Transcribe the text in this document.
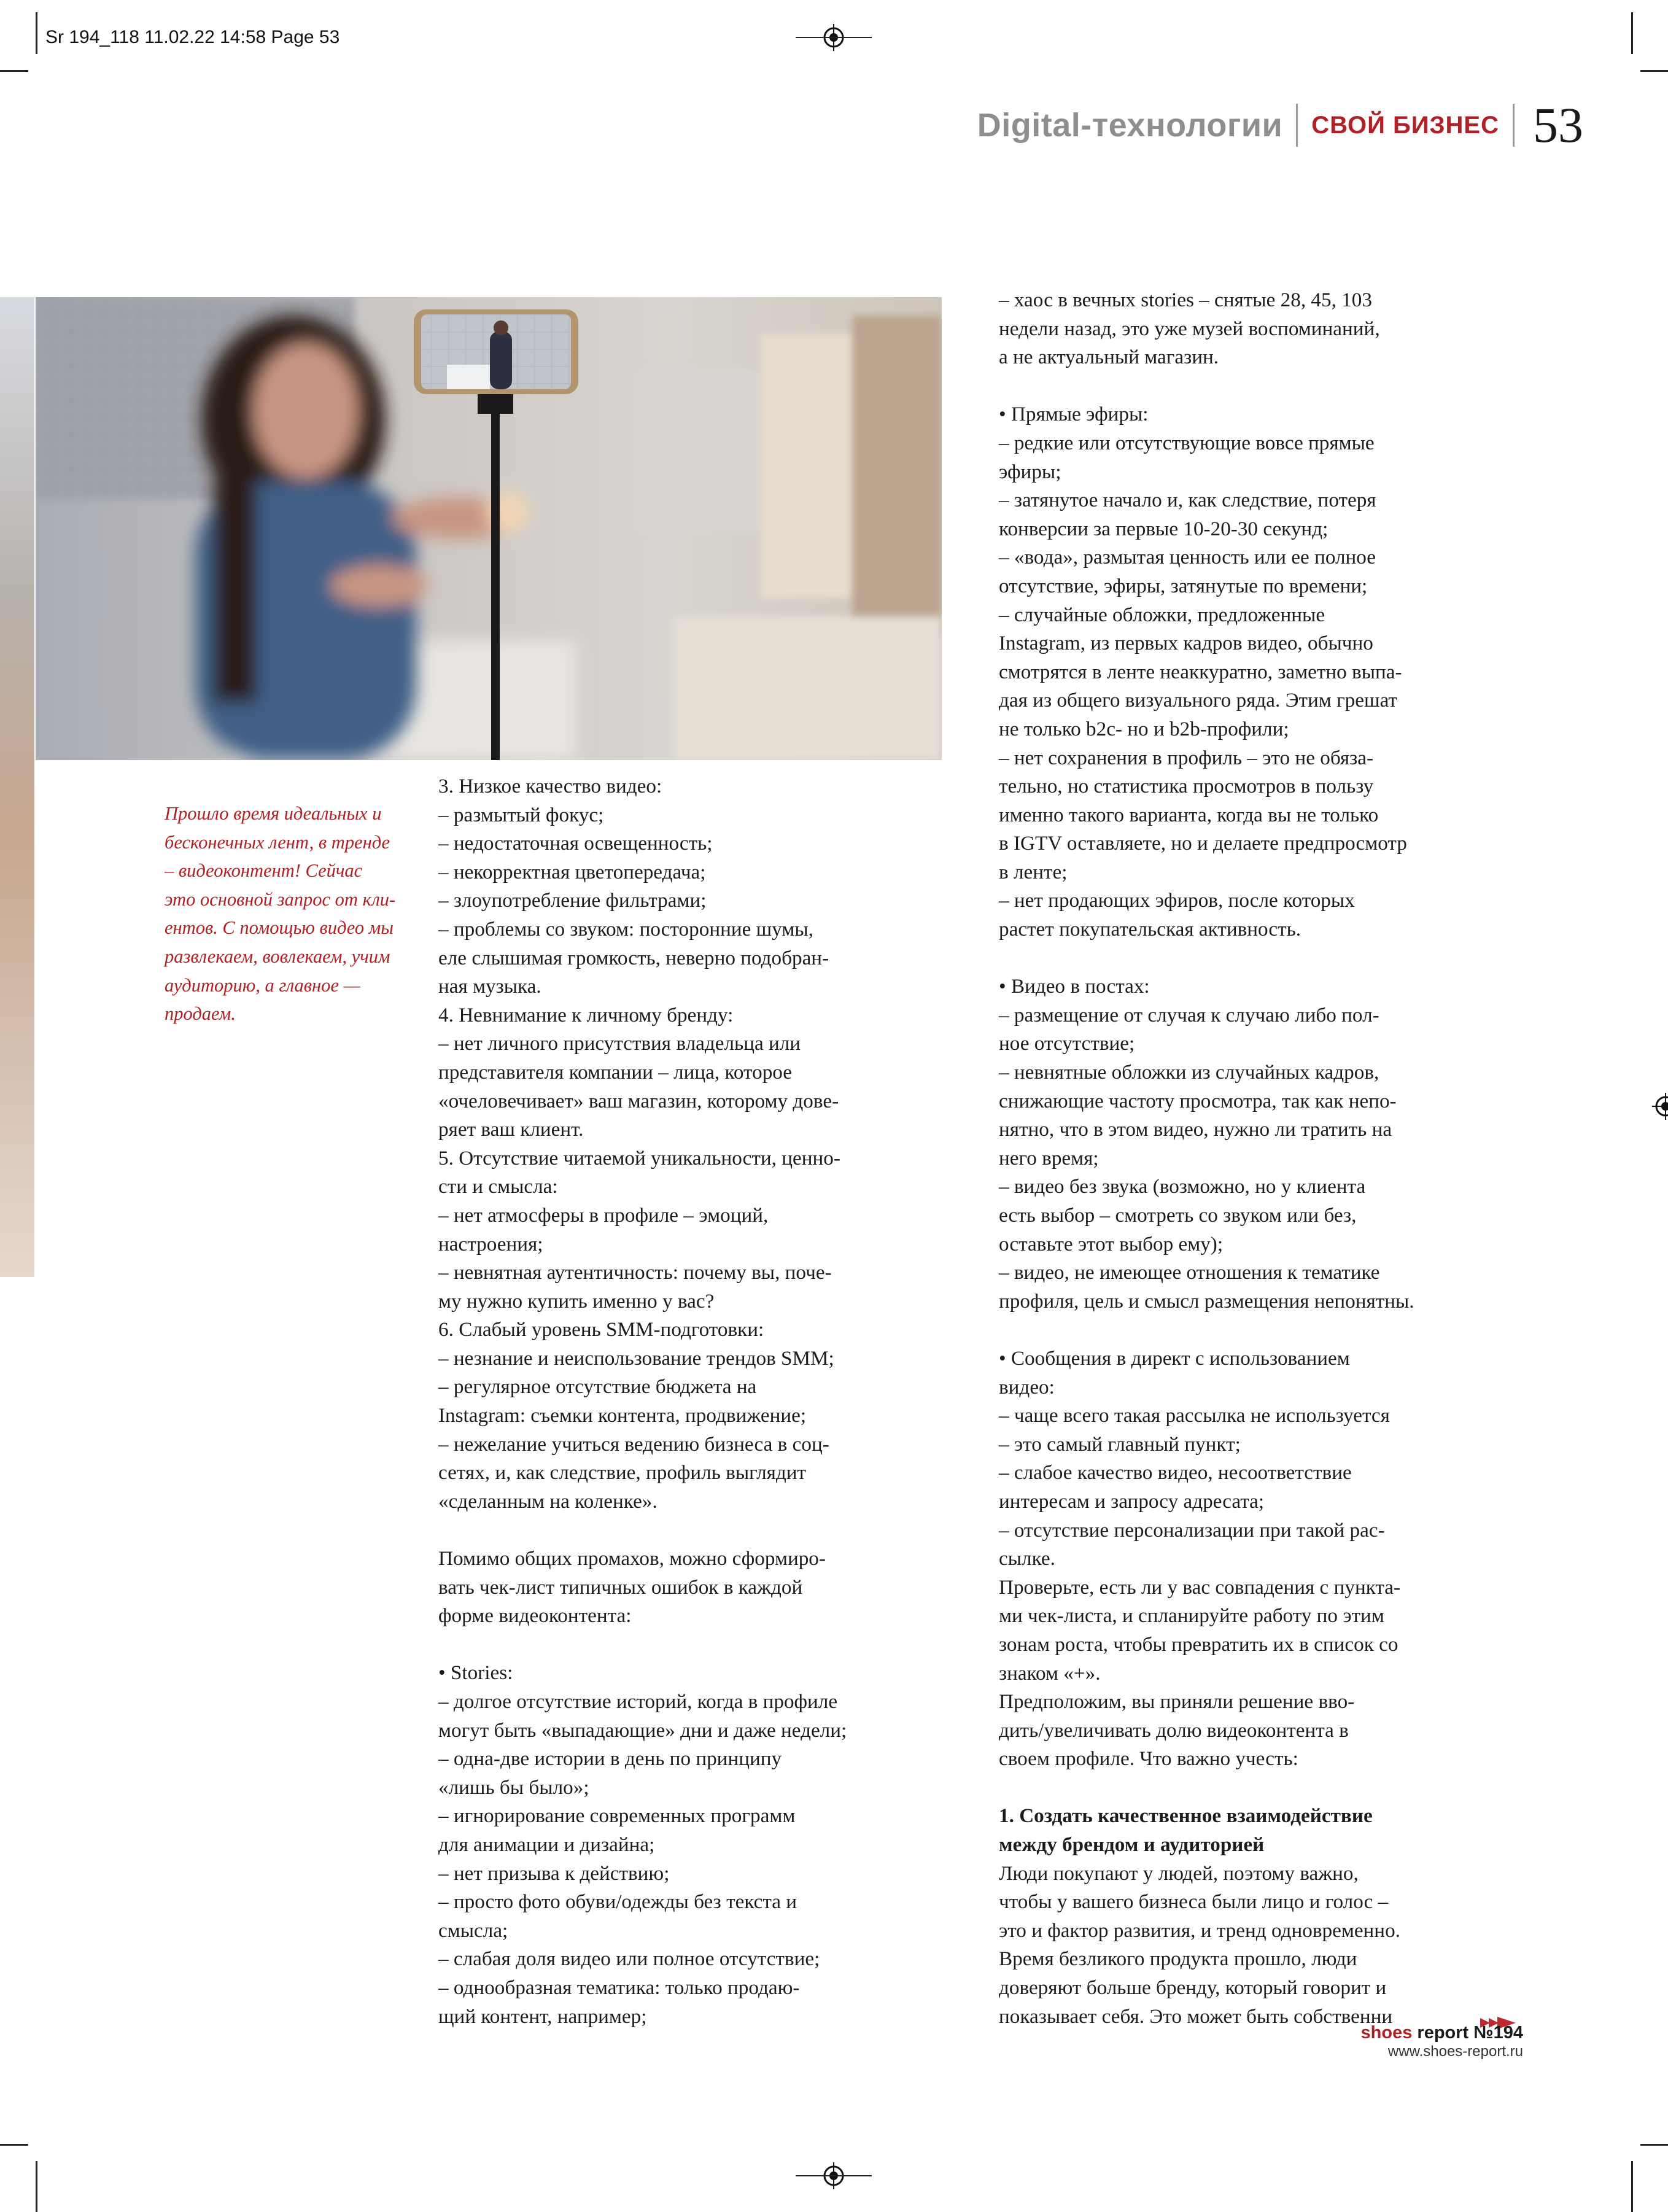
Sr 194_118 11.02.22 14:58 Page 53
Digital-технологии СВОЙ БИЗНЕС 53

Прошло время идеальных и

бесконечных лент, в тренде

– видеоконтент! Сейчас

это основной запрос от кли-

ентов. С помощью видео мы

развлекаем, вовлекаем, учим

аудиторию, а главное —

продаем.

3. Низкое качество видео:

– размытый фокус;

– недостаточная освещенность;

– некорректная цветопередача;

– злоупотребление фильтрами;

– проблемы со звуком: посторонние шумы,

еле слышимая громкость, неверно подобран-

ная музыка.

4. Невнимание к личному бренду:

– нет личного присутствия владельца или

представителя компании – лица, которое

«очеловечивает» ваш магазин, которому дове-

ряет ваш клиент.

5. Отсутствие читаемой уникальности, ценно-

сти и смысла:

– нет атмосферы в профиле – эмоций,

настроения;

– невнятная аутентичность: почему вы, поче-

му нужно купить именно у вас?

6. Слабый уровень SMM-подготовки:

– незнание и неиспользование трендов SMM;

– регулярное отсутствие бюджета на

Instagram: съемки контента, продвижение;

– нежелание учиться ведению бизнеса в соц-

сетях, и, как следствие, профиль выглядит

«сделанным на коленке».

Помимо общих промахов, можно сформиро-

вать чек-лист типичных ошибок в каждой

форме видеоконтента:

• Stories:

– долгое отсутствие историй, когда в профиле

могут быть «выпадающие» дни и даже недели;

– одна-две истории в день по принципу

«лишь бы было»;

– игнорирование современных программ

для анимации и дизайна;

– нет призыва к действию;

– просто фото обуви/одежды без текста и

смысла;

– слабая доля видео или полное отсутствие;

– однообразная тематика: только продаю-

щий контент, например;

– хаос в вечных stories – снятые 28, 45, 103

недели назад, это уже музей воспоминаний,

а не актуальный магазин.

• Прямые эфиры:

– редкие или отсутствующие вовсе прямые

эфиры;

– затянутое начало и, как следствие, потеря

конверсии за первые 10-20-30 секунд;

– «вода», размытая ценность или ее полное

отсутствие, эфиры, затянутые по времени;

– случайные обложки, предложенные

Instagram, из первых кадров видео, обычно

смотрятся в ленте неаккуратно, заметно выпа-

дая из общего визуального ряда. Этим грешат

не только b2c- но и b2b-профили;

– нет сохранения в профиль – это не обяза-

тельно, но статистика просмотров в пользу

именно такого варианта, когда вы не только

в IGTV оставляете, но и делаете предпросмотр

в ленте;

– нет продающих эфиров, после которых

растет покупательская активность.

• Видео в постах:

– размещение от случая к случаю либо пол-

ное отсутствие;

– невнятные обложки из случайных кадров,

снижающие частоту просмотра, так как непо-

нятно, что в этом видео, нужно ли тратить на

него время;

– видео без звука (возможно, но у клиента

есть выбор – смотреть со звуком или без,

оставьте этот выбор ему);

– видео, не имеющее отношения к тематике

профиля, цель и смысл размещения непонятны.

• Сообщения в директ с использованием

видео:

– чаще всего такая рассылка не используется

– это самый главный пункт;

– слабое качество видео, несоответствие

интересам и запросу адресата;

– отсутствие персонализации при такой рас-

сылке.

Проверьте, есть ли у вас совпадения с пункта-

ми чек-листа, и спланируйте работу по этим

зонам роста, чтобы превратить их в список со

знаком «+».

Предположим, вы приняли решение вво-

дить/увеличивать долю видеоконтента в

своем профиле. Что важно учесть:

1. Создать качественное взаимодействие

между брендом и аудиторией

Люди покупают у людей, поэтому важно,

чтобы у вашего бизнеса были лицо и голос –

это и фактор развития, и тренд одновременно.

Время безликого продукта прошло, люди

доверяют больше бренду, который говорит и

показывает себя. Это может быть собственни

shoes report №194
www.shoes-report.ru
